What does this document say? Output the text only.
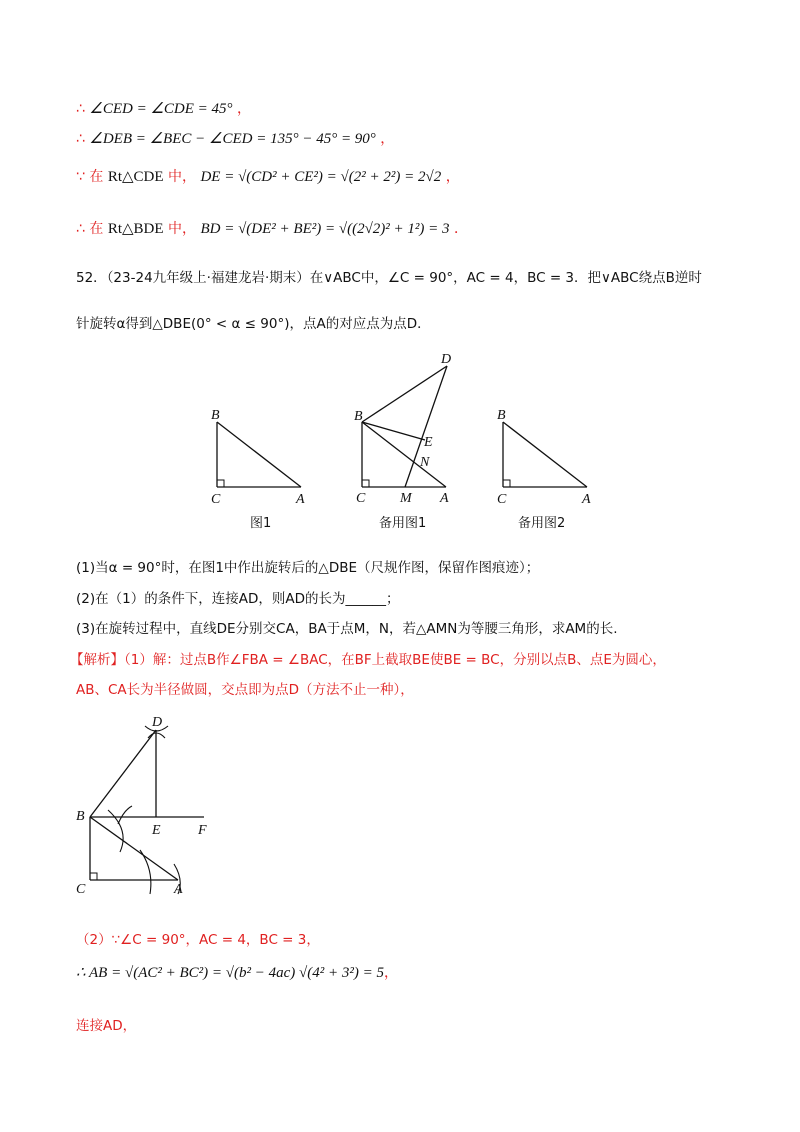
∴ ∠CED = ∠CDE = 45° ，
∴ ∠DEB = ∠BEC − ∠CED = 135° − 45° = 90° ，
∵ 在 Rt△CDE 中， DE = √(CD² + CE²) = √(2² + 2²) = 2√2 ，
∴ 在 Rt△BDE 中， BD = √(DE² + BE²) = √((2√2)² + 1²) = 3 ．
52．（23-24九年级上·福建龙岩·期末）在∨ABC中，∠C = 90°，AC = 4，BC = 3．把∨ABC绕点B逆时
针旋转α得到△DBE(0° < α ≤ 90°)，点A的对应点为点D．
B
C	A
图1
D
B
E
N
C M A
备用图1
B
C	A
备用图2
(1)当α = 90°时，在图1中作出旋转后的△DBE（尺规作图，保留作图痕迹）；
(2)在（1）的条件下，连接AD，则AD的长为______；
(3)在旋转过程中，直线DE分别交CA，BA于点M，N，若△AMN为等腰三角形，求AM的长.
【解析】（1）解：过点B作∠FBA = ∠BAC，在BF上截取BE使BE = BC，分别以点B、点E为圆心，
AB、CA长为半径做圆，交点即为点D（方法不止一种），
D
B
E	F
C	A
（2）∵∠C = 90°，AC = 4，BC = 3，
∴ AB = √(AC² + BC²) = √(b² − 4ac) √(4² + 3²) = 5，
连接AD，
